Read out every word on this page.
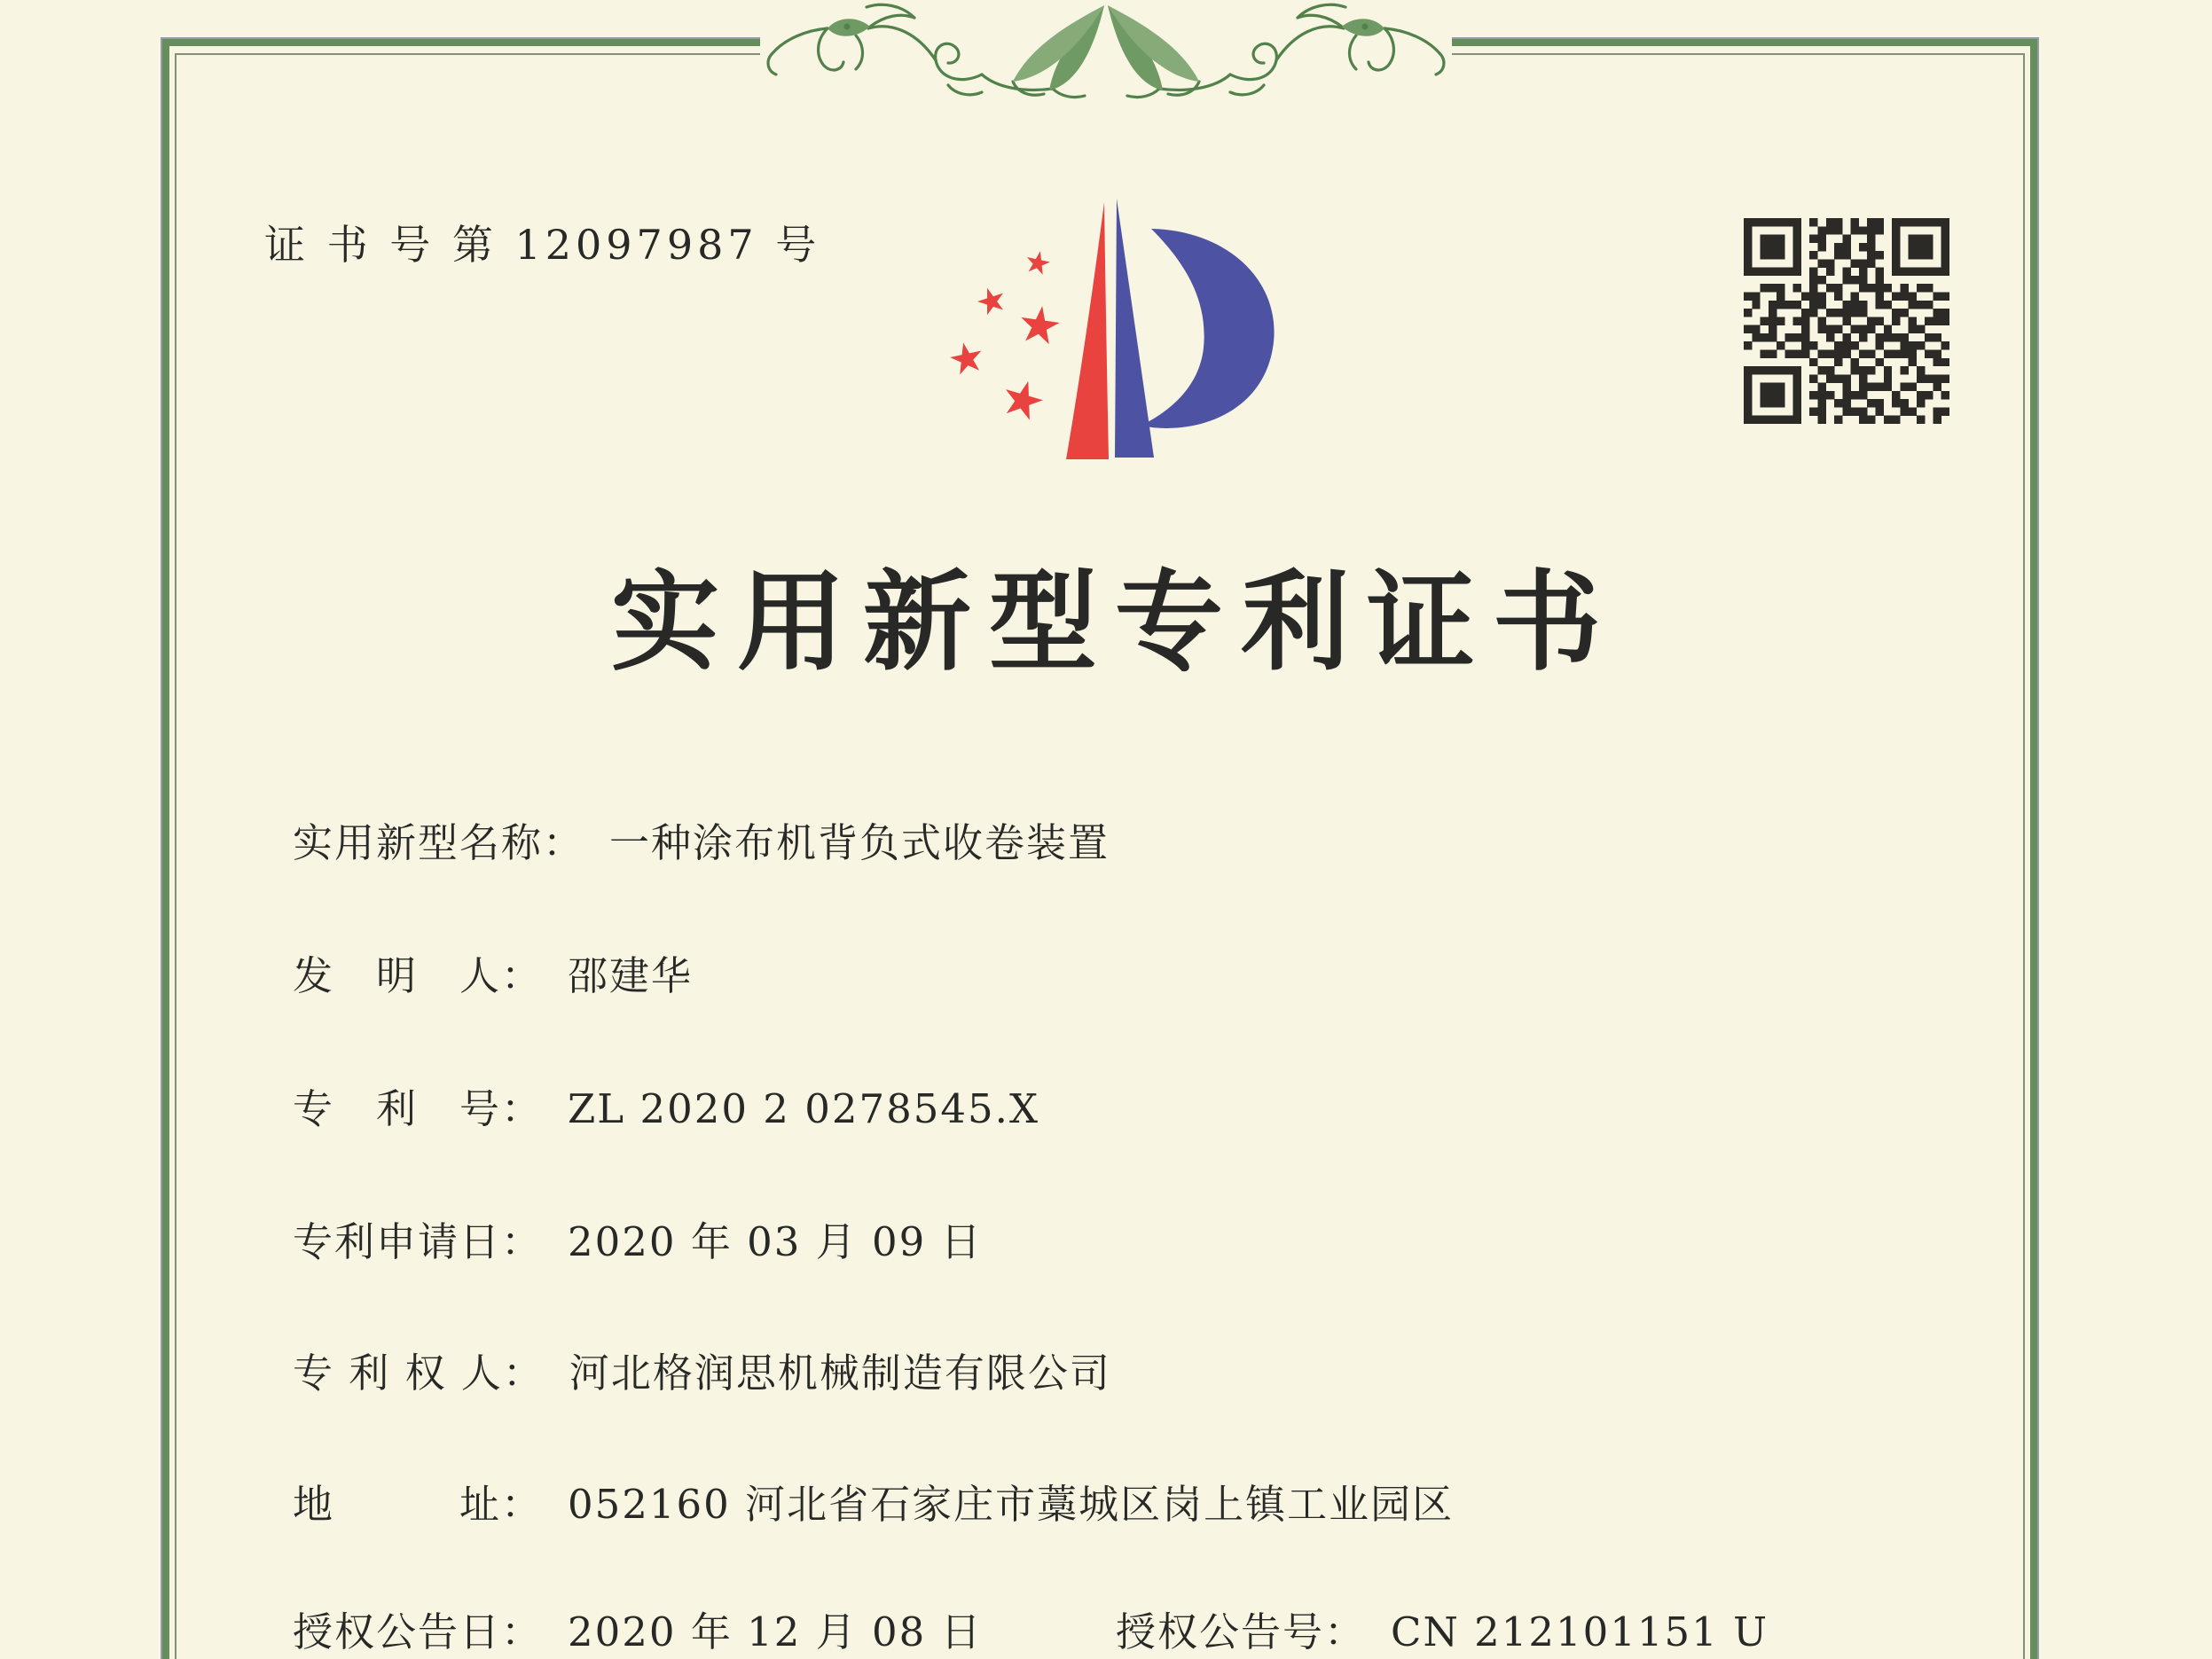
证 书 号 第 12097987 号
实用新型专利证书
实用新型名称： 一种涂布机背负式收卷装置
发　明　人： 邵建华
专　利　号： ZL 2020 2 0278545.X
专利申请日： 2020 年 03 月 09 日
专 利 权 人： 河北格润思机械制造有限公司
地　　　址： 052160 河北省石家庄市藁城区岗上镇工业园区
授权公告日： 2020 年 12 月 08 日	授权公告号： CN 212101151 U
